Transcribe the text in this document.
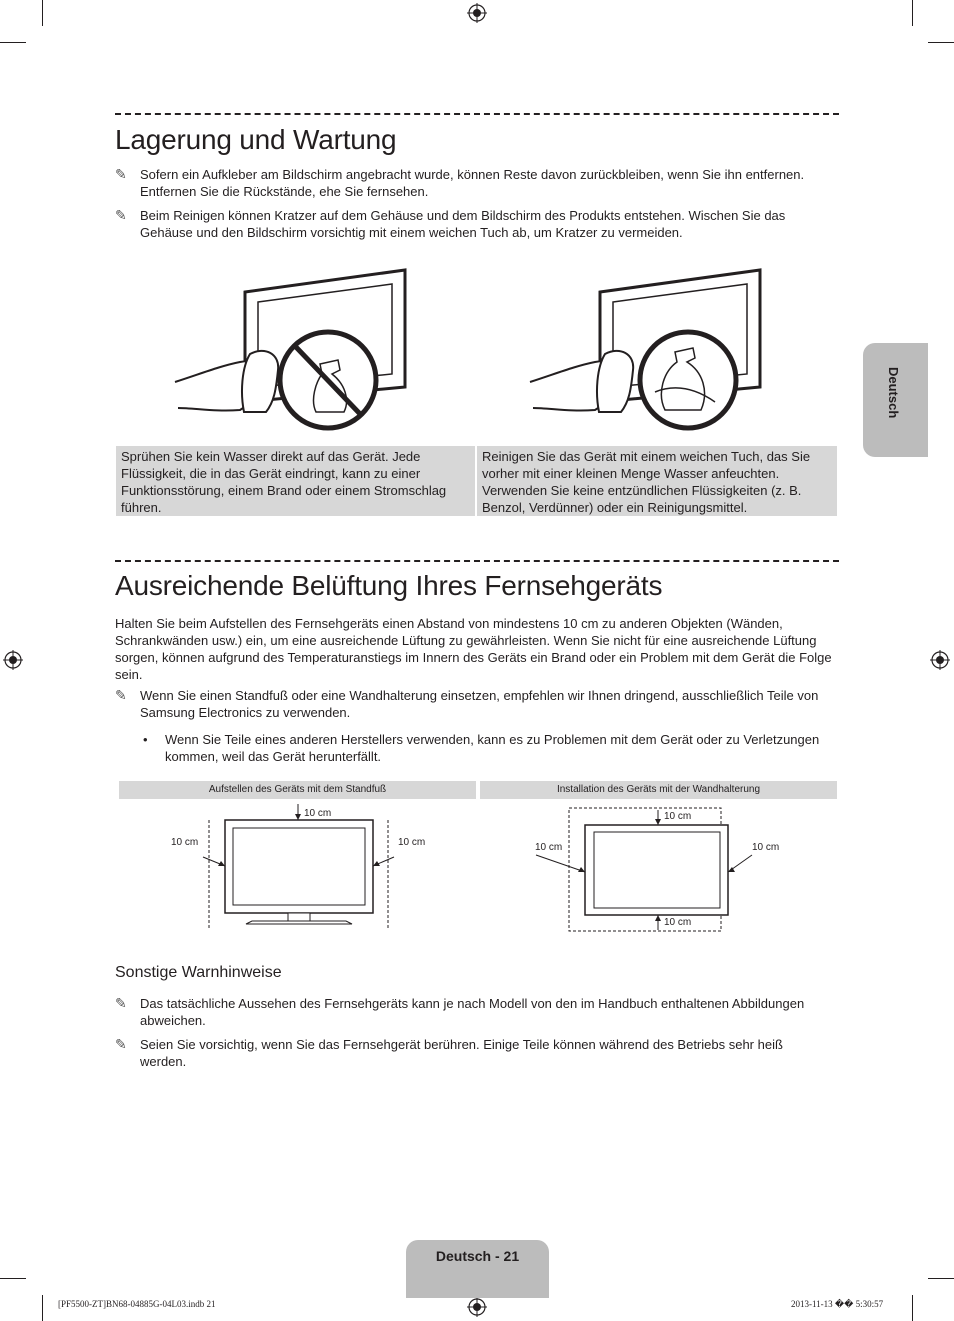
Lagerung und Wartung
✎ Sofern ein Aufkleber am Bildschirm angebracht wurde, können Reste davon zurückbleiben, wenn Sie ihn entfernen. Entfernen Sie die Rückstände, ehe Sie fernsehen.
✎ Beim Reinigen können Kratzer auf dem Gehäuse und dem Bildschirm des Produkts entstehen. Wischen Sie das Gehäuse und den Bildschirm vorsichtig mit einem weichen Tuch ab, um Kratzer zu vermeiden.
Sprühen Sie kein Wasser direkt auf das Gerät. Jede Flüssigkeit, die in das Gerät eindringt, kann zu einer Funktionsstörung, einem Brand oder einem Stromschlag führen.
Reinigen Sie das Gerät mit einem weichen Tuch, das Sie vorher mit einer kleinen Menge Wasser anfeuchten. Verwenden Sie keine entzündlichen Flüssigkeiten (z. B. Benzol, Verdünner) oder ein Reinigungsmittel.
Ausreichende Belüftung Ihres Fernsehgeräts
Halten Sie beim Aufstellen des Fernsehgeräts einen Abstand von mindestens 10 cm zu anderen Objekten (Wänden, Schrankwänden usw.) ein, um eine ausreichende Lüftung zu gewährleisten. Wenn Sie nicht für eine ausreichende Lüftung sorgen, können aufgrund des Temperaturanstiegs im Innern des Geräts ein Brand oder ein Problem mit dem Gerät die Folge sein.
✎ Wenn Sie einen Standfuß oder eine Wandhalterung einsetzen, empfehlen wir Ihnen dringend, ausschließlich Teile von Samsung Electronics zu verwenden.
• Wenn Sie Teile eines anderen Herstellers verwenden, kann es zu Problemen mit dem Gerät oder zu Verletzungen kommen, weil das Gerät herunterfällt.
Aufstellen des Geräts mit dem Standfuß	Installation des Geräts mit der Wandhalterung
10 cm
10 cm	10 cm
10 cm
10 cm	10 cm
10 cm
Sonstige Warnhinweise
✎ Das tatsächliche Aussehen des Fernsehgeräts kann je nach Modell von den im Handbuch enthaltenen Abbildungen abweichen.
✎ Seien Sie vorsichtig, wenn Sie das Fernsehgerät berühren. Einige Teile können während des Betriebs sehr heiß werden.
Deutsch
Deutsch - 21
[PF5500-ZT]BN68-04885G-04L03.indb 21	2013-11-13 �� 5:30:57
